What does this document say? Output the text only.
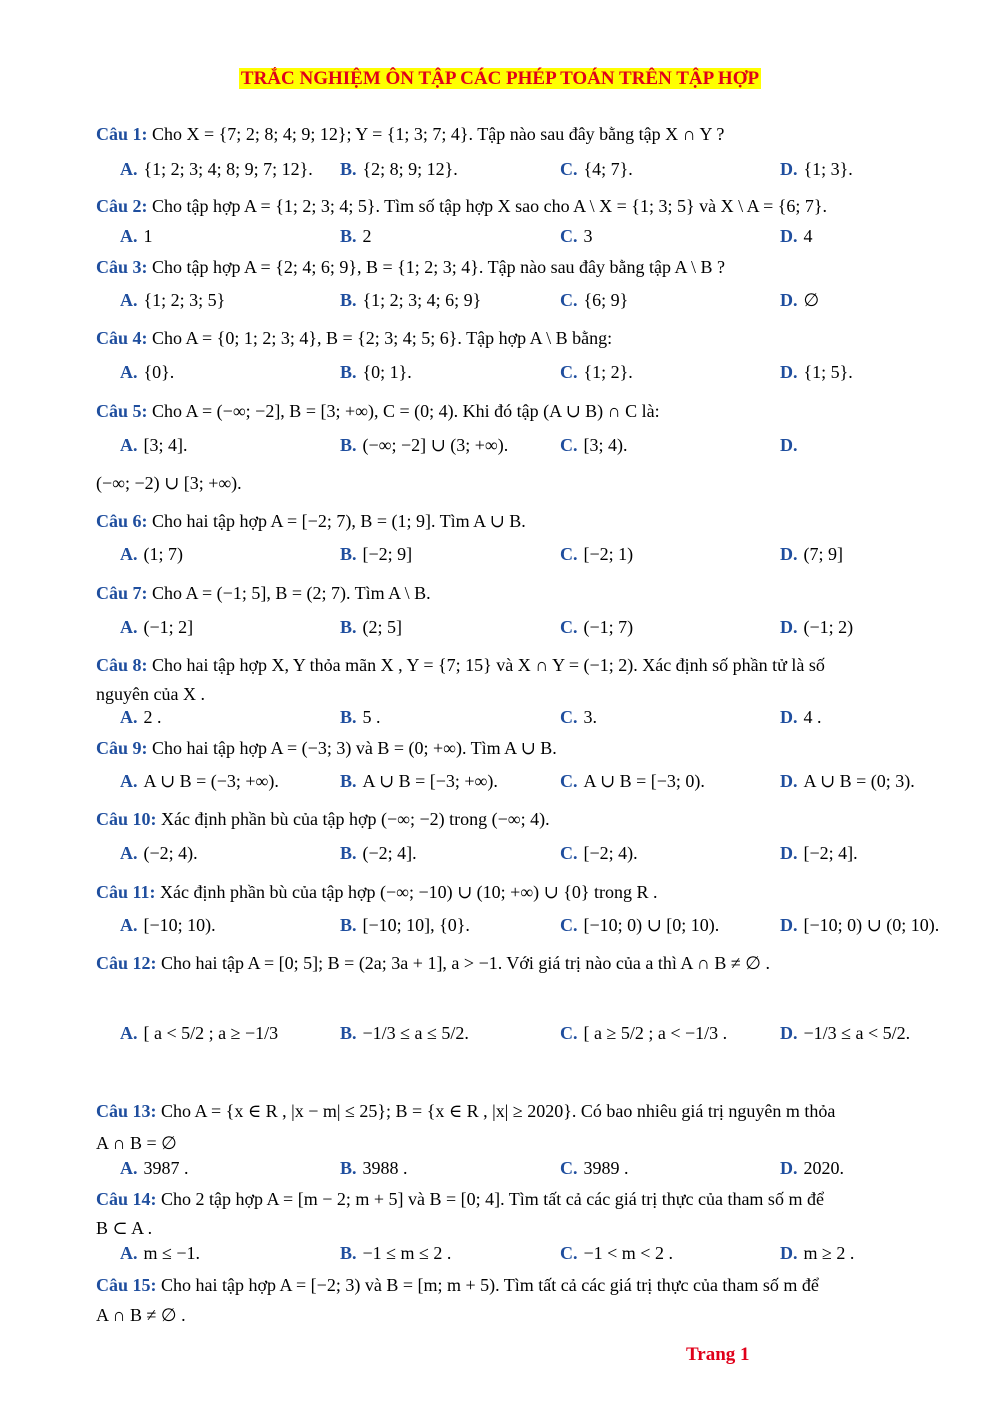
TRẮC NGHIỆM ÔN TẬP CÁC PHÉP TOÁN TRÊN TẬP HỢP
Câu 1: Cho X = {7; 2; 8; 4; 9; 12}; Y = {1; 3; 7; 4}. Tập nào sau đây bằng tập X ∩ Y ?
A. {1; 2; 3; 4; 8; 9; 7; 12}. B. {2; 8; 9; 12}.	C. {4; 7}.	D. {1; 3}.
Câu 2: Cho tập hợp A = {1; 2; 3; 4; 5}. Tìm số tập hợp X sao cho A \ X = {1; 3; 5} và X \ A = {6; 7}.
A. 1	B. 2	C. 3	D. 4
Câu 3: Cho tập hợp A = {2; 4; 6; 9}, B = {1; 2; 3; 4}. Tập nào sau đây bằng tập A \ B ?
A. {1; 2; 3; 5}	B. {1; 2; 3; 4; 6; 9}	C. {6; 9}	D. ∅
Câu 4: Cho A = {0; 1; 2; 3; 4}, B = {2; 3; 4; 5; 6}. Tập hợp A \ B bằng:
A. {0}.	B. {0; 1}.	C. {1; 2}.	D. {1; 5}.
Câu 5: Cho A = (−∞; −2], B = [3; +∞), C = (0; 4). Khi đó tập (A ∪ B) ∩ C là:
A. [3; 4].	B. (−∞; −2] ∪ (3; +∞).	C. [3; 4).	D.
(−∞; −2) ∪ [3; +∞).
Câu 6: Cho hai tập hợp A = [−2; 7), B = (1; 9]. Tìm A ∪ B.
A. (1; 7)	B. [−2; 9]	C. [−2; 1)	D. (7; 9]
Câu 7: Cho A = (−1; 5], B = (2; 7). Tìm A \ B.
A. (−1; 2]	B. (2; 5]	C. (−1; 7)	D. (−1; 2)
Câu 8: Cho hai tập hợp X, Y thỏa mãn X , Y = {7; 15} và X ∩ Y = (−1; 2). Xác định số phần tử là số
nguyên của X .
A. 2 .	B. 5 .	C. 3.	D. 4 .
Câu 9: Cho hai tập hợp A = (−3; 3) và B = (0; +∞). Tìm A ∪ B.
A. A ∪ B = (−3; +∞).	B. A ∪ B = [−3; +∞).	C. A ∪ B = [−3; 0).	D. A ∪ B = (0; 3).
Câu 10: Xác định phần bù của tập hợp (−∞; −2) trong (−∞; 4).
A. (−2; 4).	B. (−2; 4].	C. [−2; 4).	D. [−2; 4].
Câu 11: Xác định phần bù của tập hợp (−∞; −10) ∪ (10; +∞) ∪ {0} trong R .
A. [−10; 10).	B. [−10; 10], {0}.	C. [−10; 0) ∪ [0; 10).	D. [−10; 0) ∪ (0; 10).
Câu 12: Cho hai tập A = [0; 5]; B = (2a; 3a + 1], a > −1. Với giá trị nào của a thì A ∩ B ≠ ∅ .
A. [ a < 5/2 ; a ≥ −1/3	B. −1/3 ≤ a ≤ 5/2.	C. [ a ≥ 5/2 ; a < −1/3 .	D. −1/3 ≤ a < 5/2.
Câu 13: Cho A = {x ∈ R , |x − m| ≤ 25}; B = {x ∈ R , |x| ≥ 2020}. Có bao nhiêu giá trị nguyên m thỏa
A ∩ B = ∅
A. 3987 .	B. 3988 .	C. 3989 .	D. 2020.
Câu 14: Cho 2 tập hợp A = [m − 2; m + 5] và B = [0; 4]. Tìm tất cả các giá trị thực của tham số m để
B ⊂ A .
A. m ≤ −1.	B. −1 ≤ m ≤ 2 .	C. −1 < m < 2 .	D. m ≥ 2 .
Câu 15: Cho hai tập hợp A = [−2; 3) và B = [m; m + 5). Tìm tất cả các giá trị thực của tham số m để
A ∩ B ≠ ∅ .
Trang 1
